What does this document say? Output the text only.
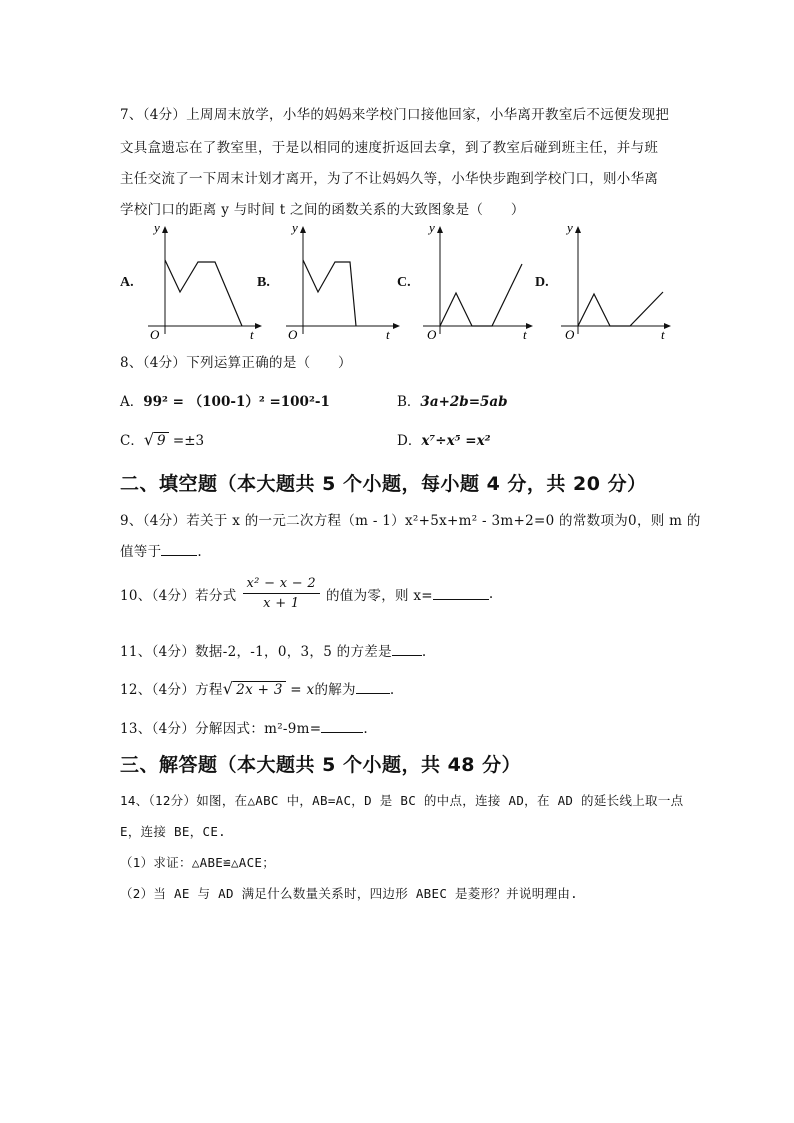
7、（4分）上周周末放学，小华的妈妈来学校门口接他回家，小华离开教室后不远便发现把
文具盒遗忘在了教室里，于是以相同的速度折返回去拿，到了教室后碰到班主任，并与班
主任交流了一下周末计划才离开，为了不让妈妈久等，小华快步跑到学校门口，则小华离
学校门口的距离 y 与时间 t 之间的函数关系的大致图象是（　　）
A.
y
t
O
B.
y
t
O
C.
y
t
O
D.
y
t
O
8、（4分）下列运算正确的是（　　）
A．99² = （100-1）² =100²-1	B．3a+2b=5ab
C．√ 9 =±3	D．x⁷÷x⁵ =x²
二、填空题（本大题共 5 个小题，每小题 4 分，共 20 分）
9、（4分）若关于 x 的一元二次方程（m - 1）x²+5x+m² - 3m+2=0 的常数项为0，则 m 的
值等于	.
10、（4分）若分式 $\frac{\text{x² − x − 2}}{x + 1}$ 的值为零，则 x=	.
11、（4分）数据-2，-1，0，3，5 的方差是 .
12、（4分）方程√ 2x + 3 = x的解为	.
13、（4分）分解因式：m²-9m=	.
三、解答题（本大题共 5 个小题，共 48 分）
14、（12分）如图，在△ABC 中，AB=AC，D 是 BC 的中点，连接 AD，在 AD 的延长线上取一点
E，连接 BE，CE.
（1）求证：△ABE≌△ACE；
（2）当 AE 与 AD 满足什么数量关系时，四边形 ABEC 是菱形？并说明理由.
